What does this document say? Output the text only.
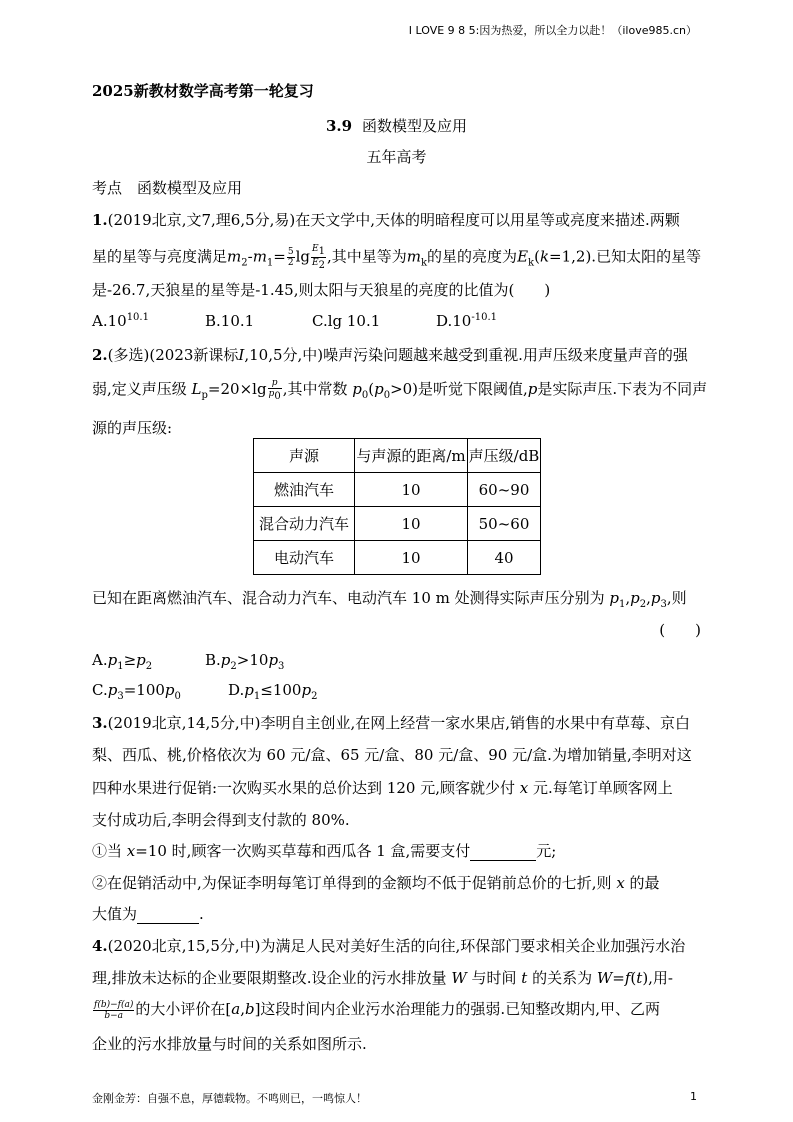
I LOVE 9 8 5:因为热爱，所以全力以赴！（ilove985.cn）
2025新教材数学高考第一轮复习
3.9 函数模型及应用
五年高考
考点　函数模型及应用
1.(2019北京,文7,理6,5分,易)在天文学中,天体的明暗程度可以用星等或亮度来描述.两颗
星的星等与亮度满足$m_2-m_1= \frac{5}{2}$ $\lg \frac{E_1}{E_2}$ ,其中星等为$m_k$的星的亮度为$E_k(k=1,2)$.已知太阳的星等
是-26.7,天狼星的星等是-1.45,则太阳与天狼星的亮度的比值为(　　)
$A.10^{10.1}$	B.10.1	C.lg 10.1	$D.10^{-10.1}$
2.(多选)(2023新课标I,10,5分,中)噪声污染问题越来越受到重视.用声压级来度量声音的强
弱,定义声压级 $L_p=20\times\lg \frac{p}{p_0}$ ,其中常数 $p_0(p_0>0)$是听觉下限阈值,p是实际声压.下表为不同声
源的声压级:
声源	与声源的距离/m	声压级/dB
燃油汽车	10	60~90
混合动力汽车	10	50~60
电动汽车	10	40
已知在距离燃油汽车、混合动力汽车、电动汽车 10 m 处测得实际声压分别为 $p_1,p_2,p_3$,则
(　　)
$A.p_1\ge p_2$	$B.p_2>10p_3$
$C.p_3=100p_0$	$D.p_1\le 100p_2$
3.(2019北京,14,5分,中)李明自主创业,在网上经营一家水果店,销售的水果中有草莓、京白
梨、西瓜、桃,价格依次为 60 元/盒、65 元/盒、80 元/盒、90 元/盒.为增加销量,李明对这
四种水果进行促销:一次购买水果的总价达到 120 元,顾客就少付 x 元.每笔订单顾客网上
支付成功后,李明会得到支付款的 80%.
①当 x=10 时,顾客一次购买草莓和西瓜各 1 盒,需要支付	元;
②在促销活动中,为保证李明每笔订单得到的金额均不低于促销前总价的七折,则 x 的最
大值为	.
4.(2020北京,15,5分,中)为满足人民对美好生活的向往,环保部门要求相关企业加强污水治
理,排放未达标的企业要限期整改.设企业的污水排放量 W 与时间 t 的关系为 W=f(t),用-
$\frac{f(b)-f(a)}{b-a}$ 的大小评价在[a,b]这段时间内企业污水治理能力的强弱.已知整改期内,甲、乙两
企业的污水排放量与时间的关系如图所示.
金刚金芳：自强不息，厚德载物。不鸣则已，一鸣惊人！	1
